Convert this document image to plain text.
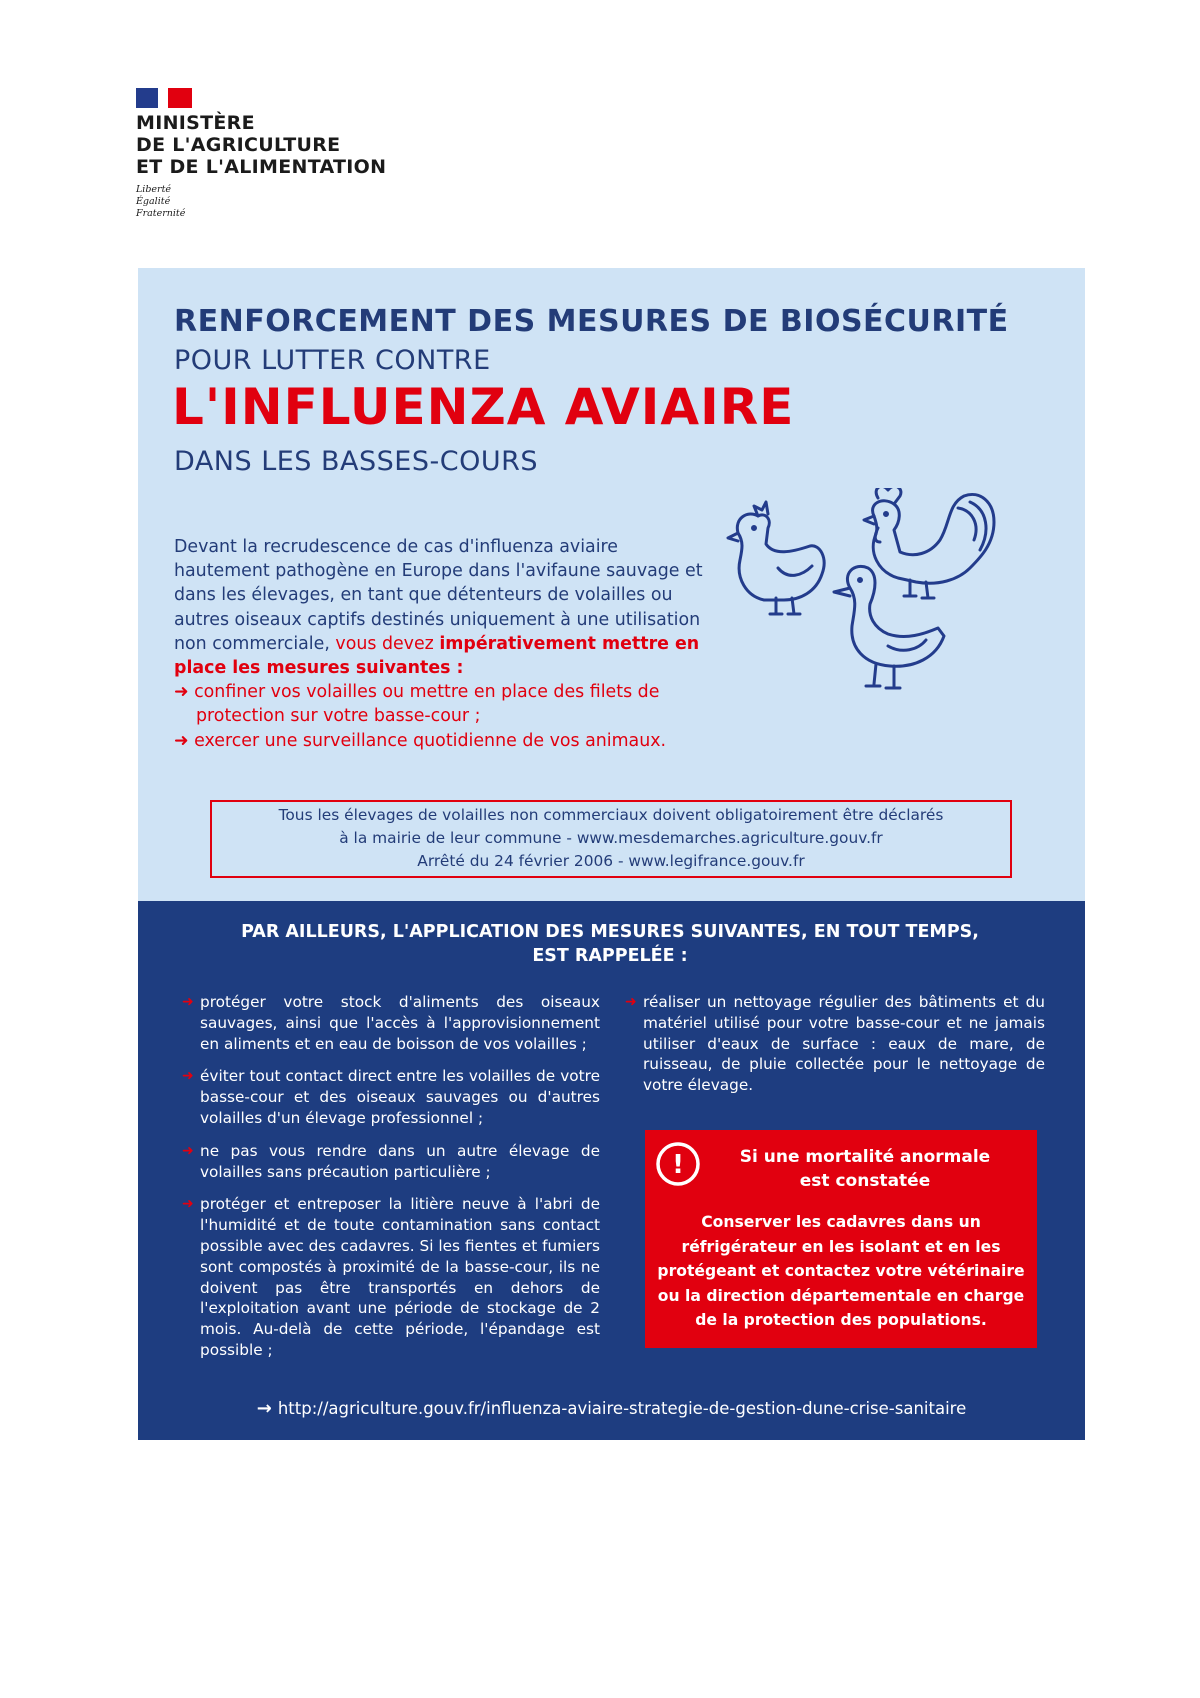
MINISTÈRE
DE L'AGRICULTURE
ET DE L'ALIMENTATION
Liberté
Égalité
Fraternité
RENFORCEMENT DES MESURES DE BIOSÉCURITÉ
POUR LUTTER CONTRE
L'INFLUENZA AVIAIRE
DANS LES BASSES-COURS
Devant la recrudescence de cas d'influenza aviaire hautement pathogène en Europe dans l'avifaune sauvage et dans les élevages, en tant que détenteurs de volailles ou autres oiseaux captifs destinés uniquement à une utilisation non commerciale, vous devez impérativement mettre en place les mesures suivantes :
➜ confiner vos volailles ou mettre en place des filets de protection sur votre basse-cour ;
➜ exercer une surveillance quotidienne de vos animaux.
Tous les élevages de volailles non commerciaux doivent obligatoirement être déclarés
à la mairie de leur commune - www.mesdemarches.agriculture.gouv.fr
Arrêté du 24 février 2006 - www.legifrance.gouv.fr
PAR AILLEURS, L'APPLICATION DES MESURES SUIVANTES, EN TOUT TEMPS,
EST RAPPELÉE :
➜ protéger votre stock d'aliments des oiseaux sauvages, ainsi que l'accès à l'approvisionnement en aliments et en eau de boisson de vos volailles ;
➜ éviter tout contact direct entre les volailles de votre basse-cour et des oiseaux sauvages ou d'autres volailles d'un élevage professionnel ;
➜ ne pas vous rendre dans un autre élevage de volailles sans précaution particulière ;
➜ protéger et entreposer la litière neuve à l'abri de l'humidité et de toute contamination sans contact possible avec des cadavres. Si les fientes et fumiers sont compostés à proximité de la basse-cour, ils ne doivent pas être transportés en dehors de l'exploitation avant une période de stockage de 2 mois. Au-delà de cette période, l'épandage est possible ;
➜ réaliser un nettoyage régulier des bâtiments et du matériel utilisé pour votre basse-cour et ne jamais utiliser d'eaux de surface : eaux de mare, de ruisseau, de pluie collectée pour le nettoyage de votre élevage.
!	Si une mortalité anormale
est constatée
Conserver les cadavres dans un réfrigérateur en les isolant et en les protégeant et contactez votre vétérinaire ou la direction départementale en charge de la protection des populations.
→ http://agriculture.gouv.fr/influenza-aviaire-strategie-de-gestion-dune-crise-sanitaire
